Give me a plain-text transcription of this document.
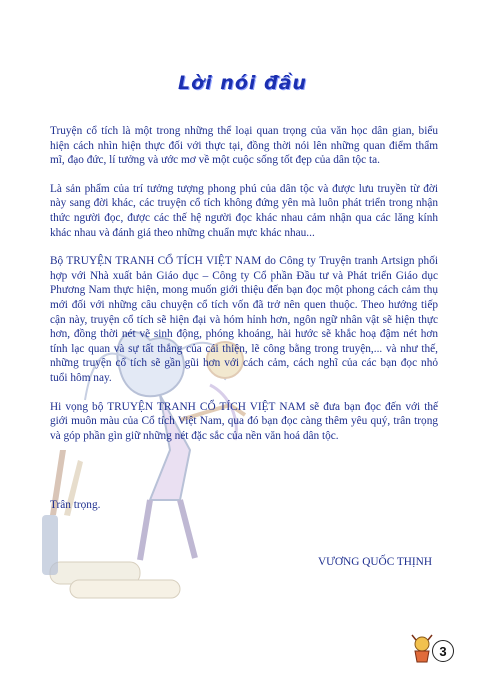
Lời nói đầu

Truyện cổ tích là một trong những thể loại quan trọng của văn học dân gian, biểu hiện cách nhìn hiện thực đối với thực tại, đồng thời nói lên những quan điểm thẩm mĩ, đạo đức, lí tưởng và ước mơ về một cuộc sống tốt đẹp của dân tộc ta.

Là sản phẩm của trí tưởng tượng phong phú của dân tộc và được lưu truyền từ đời này sang đời khác, các truyện cổ tích không đứng yên mà luôn phát triển trong nhận thức người đọc, được các thế hệ người đọc khác nhau cảm nhận qua các lăng kính khác nhau và đánh giá theo những chuẩn mực khác nhau...

Bộ TRUYỆN TRANH CỔ TÍCH VIỆT NAM do Công ty Truyện tranh Artsign phối hợp với Nhà xuất bản Giáo dục – Công ty Cổ phần Đầu tư và Phát triển Giáo dục Phương Nam thực hiện, mong muốn giới thiệu đến bạn đọc một phong cách cảm thụ mới đối với những câu chuyện cổ tích vốn đã trở nên quen thuộc. Theo hướng tiếp cận này, truyện cổ tích sẽ hiện đại và hóm hỉnh hơn, ngôn ngữ nhân vật sẽ hiện thực hơn, đồng thời nét vẽ sinh động, phóng khoáng, hài hước sẽ khắc hoạ đậm nét hơn tính lạc quan và sự tất thắng của cái thiện, lẽ công bằng trong truyện,... và như thế, những truyện cổ tích sẽ gần gũi hơn với cách cảm, cách nghĩ của các bạn đọc nhỏ tuổi hôm nay.

Hi vọng bộ TRUYỆN TRANH CỔ TÍCH VIỆT NAM sẽ đưa bạn đọc đến với thế giới muôn màu của Cổ tích Việt Nam, qua đó bạn đọc càng thêm yêu quý, trân trọng và góp phần gìn giữ những nét đặc sắc của nền văn hoá dân tộc.

Trân trọng.
VƯƠNG QUỐC THỊNH
3
